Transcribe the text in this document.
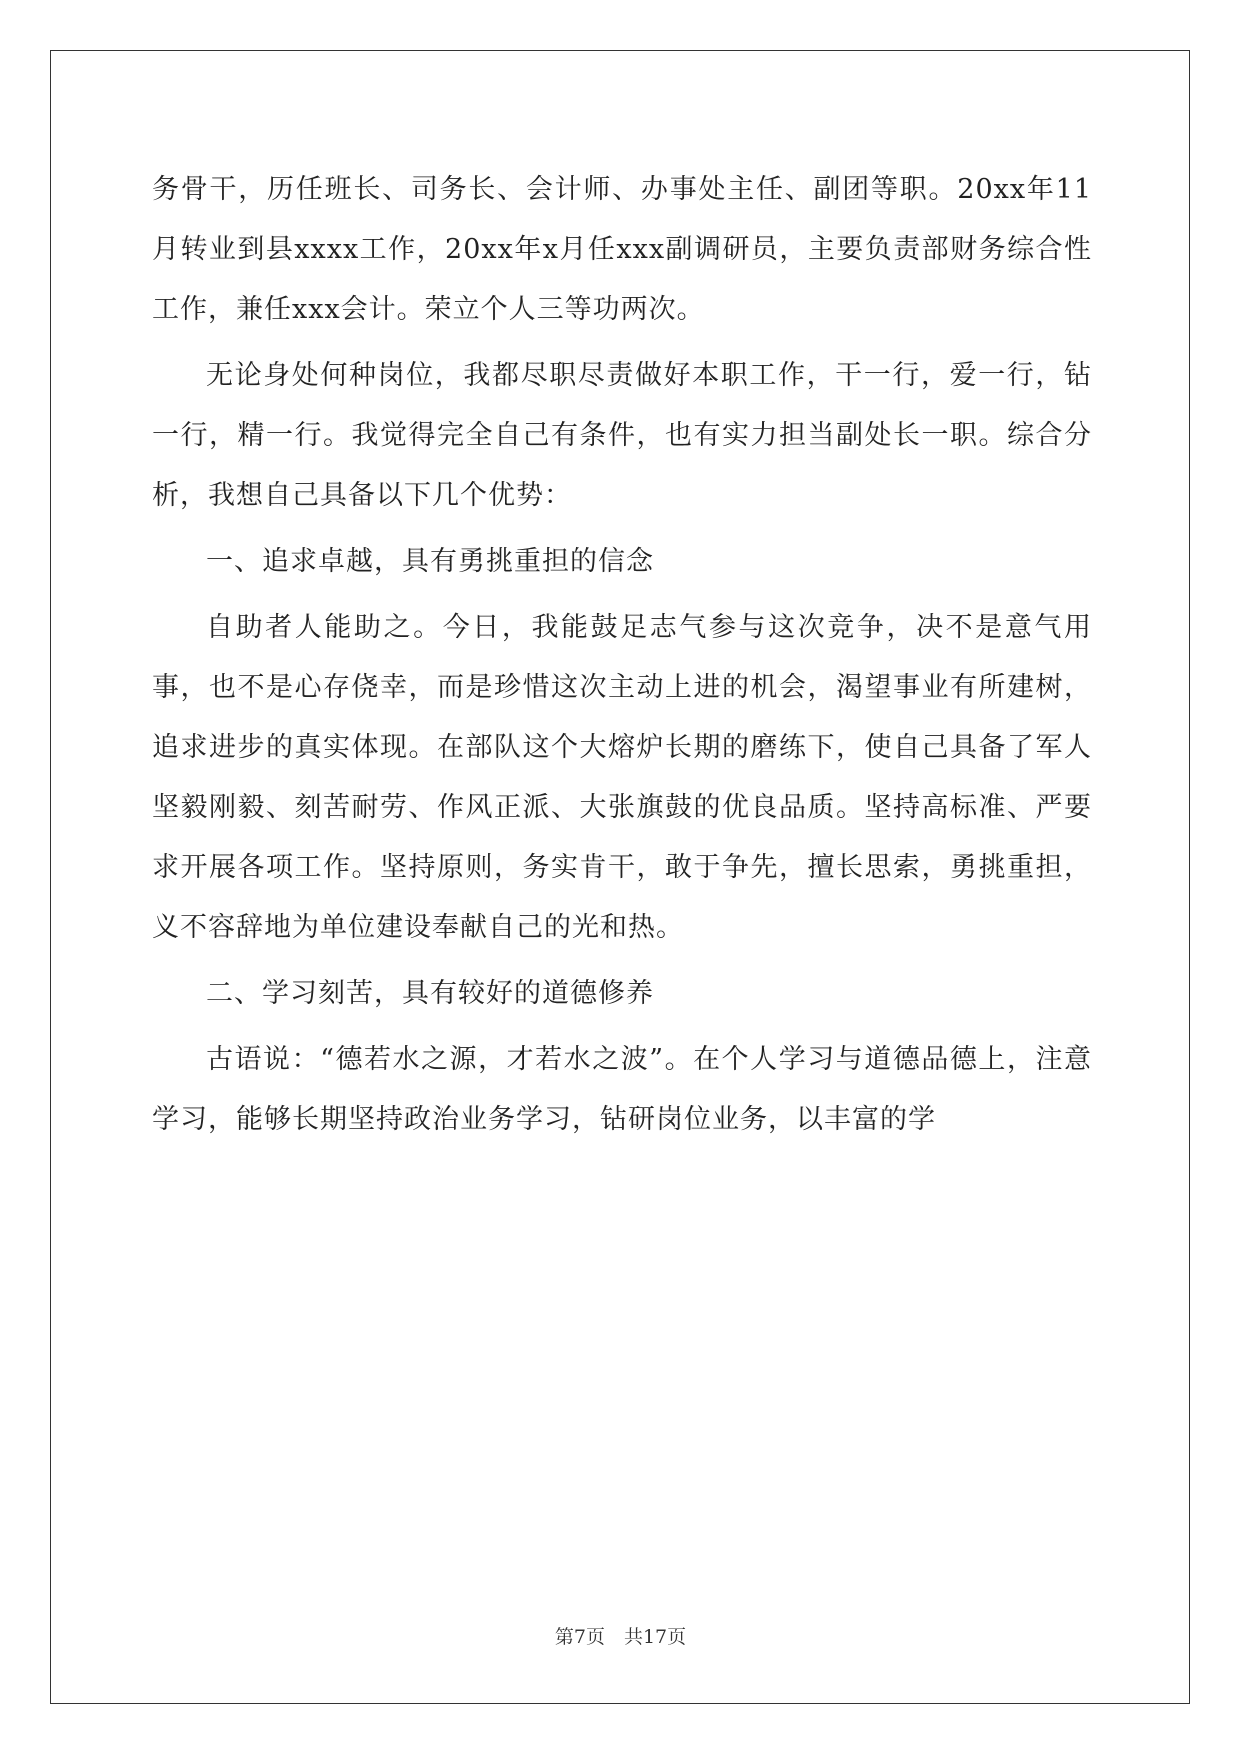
务骨干，历任班长、司务长、会计师、办事处主任、副团等职。20xx年11月转业到县xxxx工作，20xx年x月任xxx副调研员，主要负责部财务综合性工作，兼任xxx会计。荣立个人三等功两次。

无论身处何种岗位，我都尽职尽责做好本职工作，干一行，爱一行，钻一行，精一行。我觉得完全自己有条件，也有实力担当副处长一职。综合分析，我想自己具备以下几个优势：

一、追求卓越，具有勇挑重担的信念

自助者人能助之。今日，我能鼓足志气参与这次竞争，决不是意气用事，也不是心存侥幸，而是珍惜这次主动上进的机会，渴望事业有所建树，追求进步的真实体现。在部队这个大熔炉长期的磨练下，使自己具备了军人坚毅刚毅、刻苦耐劳、作风正派、大张旗鼓的优良品质。坚持高标准、严要求开展各项工作。坚持原则，务实肯干，敢于争先，擅长思索，勇挑重担，义不容辞地为单位建设奉献自己的光和热。

二、学习刻苦，具有较好的道德修养

古语说：“德若水之源，才若水之波”。在个人学习与道德品德上，注意学习，能够长期坚持政治业务学习，钻研岗位业务，以丰富的学

第7页　共17页
